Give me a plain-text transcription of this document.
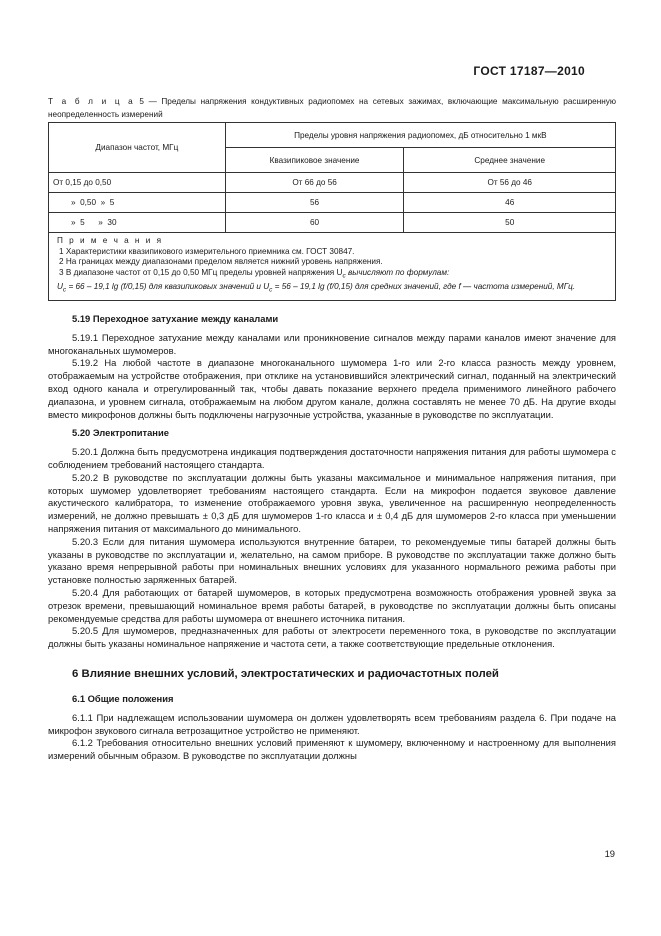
ГОСТ 17187—2010
Т а б л и ц а 5 — Пределы напряжения кондуктивных радиопомех на сетевых зажимах, включающие максимальную расширенную неопределенность измерений
Диапазон частот, МГц	Пределы уровня напряжения радиопомех, дБ относительно 1 мкВ	
	Квазипиковое значение	Среднее значение
От 0,15 до 0,50	От 66 до 56	От 56 до 46
»  0,50  »  5	56	46
»  5      »  30	60	50

П р и м е ч а н и я
1 Характеристики квазипикового измерительного приемника см. ГОСТ 30847.
2 На границах между диапазонами пределом является нижний уровень напряжения.
3 В диапазоне частот от 0,15 до 0,50 МГц пределы уровней напряжения $U_c$ вычисляют по формулам:
$U_c = 66 - 19,1$ lg (f/0,15) для квазипиковых значений и $U_c = 56 - 19,1$ lg (f/0,15) для средних значений, где f — частота измерений, МГц.		
5.19 Переходное затухание между каналами

5.19.1 Переходное затухание между каналами или проникновение сигналов между парами каналов имеют значение для многоканальных шумомеров.

5.19.2 На любой частоте в диапазоне многоканального шумомера 1-го или 2-го класса разность между уровнем, отображаемым на устройстве отображения, при отклике на установившийся электрический сигнал, поданный на электрический вход одного канала и отрегулированный так, чтобы давать показание верхнего предела применимого линейного рабочего диапазона, и уровнем сигнала, отображаемым на любом другом канале, должна составлять не менее 70 дБ. На другие входы вместо микрофонов должны быть подключены нагрузочные устройства, указанные в руководстве по эксплуатации.

5.20 Электропитание

5.20.1 Должна быть предусмотрена индикация подтверждения достаточности напряжения питания для работы шумомера с соблюдением требований настоящего стандарта.

5.20.2 В руководстве по эксплуатации должны быть указаны максимальное и минимальное напряжения питания, при которых шумомер удовлетворяет требованиям настоящего стандарта. Если на микрофон подается звуковое давление акустического калибратора, то изменение отображаемого уровня звука, увеличенное на расширенную неопределенность измерений, не должно превышать ± 0,3 дБ для шумомеров 1-го класса и ± 0,4 дБ для шумомеров 2-го класса при уменьшении напряжения питания от максимального до минимального.

5.20.3 Если для питания шумомера используются внутренние батареи, то рекомендуемые типы батарей должны быть указаны в руководстве по эксплуатации и, желательно, на самом приборе. В руководстве по эксплуатации также должно быть указано время непрерывной работы при номинальных внешних условиях для указанного нормального режима работы при установке полностью заряженных батарей.

5.20.4 Для работающих от батарей шумомеров, в которых предусмотрена возможность отображения уровней звука за отрезок времени, превышающий номинальное время работы батарей, в руководстве по эксплуатации должны быть описаны рекомендуемые средства для работы шумомера от внешнего источника питания.

5.20.5 Для шумомеров, предназначенных для работы от электросети переменного тока, в руководстве по эксплуатации должны быть указаны номинальное напряжение и частота сети, а также соответствующие предельные отклонения.

6 Влияние внешних условий, электростатических и радиочастотных полей
6.1 Общие положения

6.1.1 При надлежащем использовании шумомера он должен удовлетворять всем требованиям раздела 6. При подаче на микрофон звукового сигнала ветрозащитное устройство не применяют.

6.1.2 Требования относительно внешних условий применяют к шумомеру, включенному и настроенному для выполнения измерений обычным образом. В руководстве по эксплуатации должны

19
